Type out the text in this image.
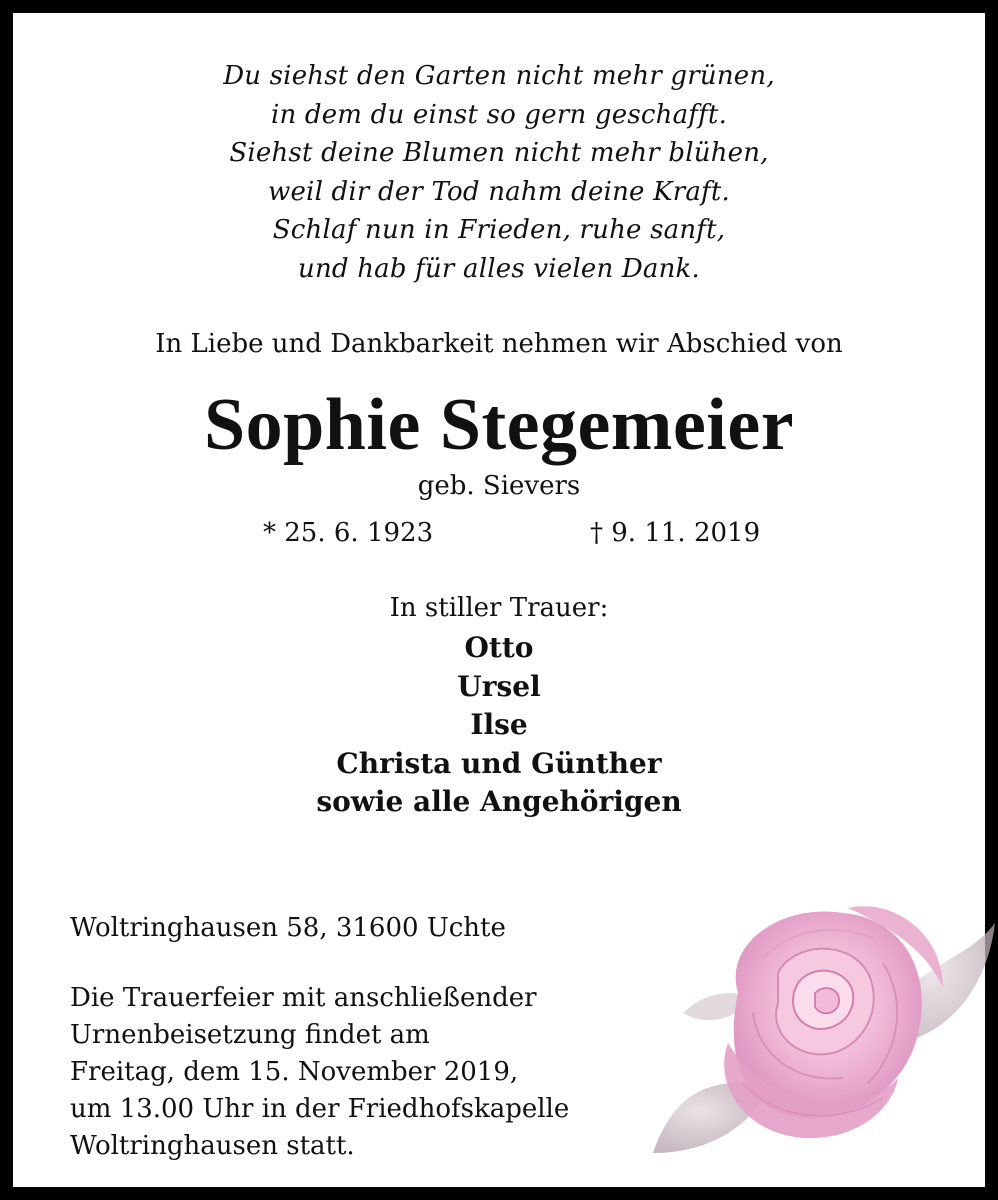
Du siehst den Garten nicht mehr grünen,
in dem du einst so gern geschafft.
Siehst deine Blumen nicht mehr blühen,
weil dir der Tod nahm deine Kraft.
Schlaf nun in Frieden, ruhe sanft,
und hab für alles vielen Dank.
In Liebe und Dankbarkeit nehmen wir Abschied von
Sophie Stegemeier
geb. Sievers
* 25. 6. 1923	† 9. 11. 2019
In stiller Trauer:
Otto
Ursel
Ilse
Christa und Günther
sowie alle Angehörigen
Woltringhausen 58, 31600 Uchte
Die Trauerfeier mit anschließender
Urnenbeisetzung findet am
Freitag, dem 15. November 2019,
um 13.00 Uhr in der Friedhofskapelle
Woltringhausen statt.
